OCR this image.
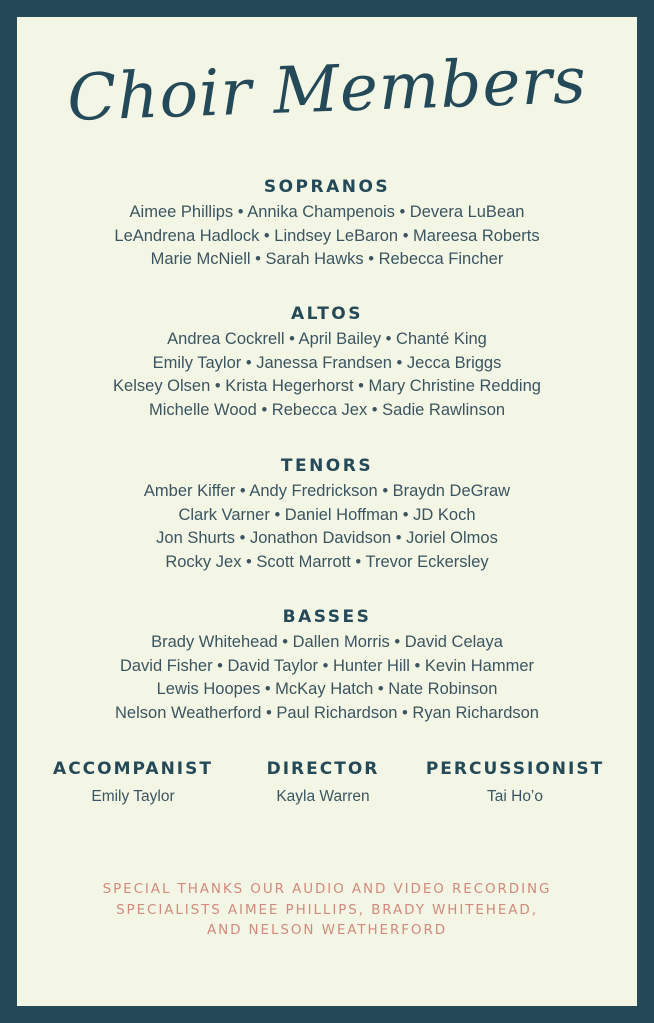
Choir Members
SOPRANOS
Aimee Phillips • Annika Champenois • Devera LuBean
LeAndrena Hadlock • Lindsey LeBaron • Mareesa Roberts
Marie McNiell • Sarah Hawks • Rebecca Fincher
ALTOS
Andrea Cockrell • April Bailey • Chanté King
Emily Taylor • Janessa Frandsen • Jecca Briggs
Kelsey Olsen • Krista Hegerhorst • Mary Christine Redding
Michelle Wood • Rebecca Jex • Sadie Rawlinson
TENORS
Amber Kiffer • Andy Fredrickson • Braydn DeGraw
Clark Varner • Daniel Hoffman • JD Koch
Jon Shurts • Jonathon Davidson • Joriel Olmos
Rocky Jex • Scott Marrott • Trevor Eckersley
BASSES
Brady Whitehead • Dallen Morris • David Celaya
David Fisher • David Taylor • Hunter Hill • Kevin Hammer
Lewis Hoopes • McKay Hatch • Nate Robinson
Nelson Weatherford • Paul Richardson • Ryan Richardson
ACCOMPANIST
Emily Taylor
DIRECTOR
Kayla Warren
PERCUSSIONIST
Tai Ho’o
SPECIAL THANKS OUR AUDIO AND VIDEO RECORDING
SPECIALISTS AIMEE PHILLIPS, BRADY WHITEHEAD,
AND NELSON WEATHERFORD
